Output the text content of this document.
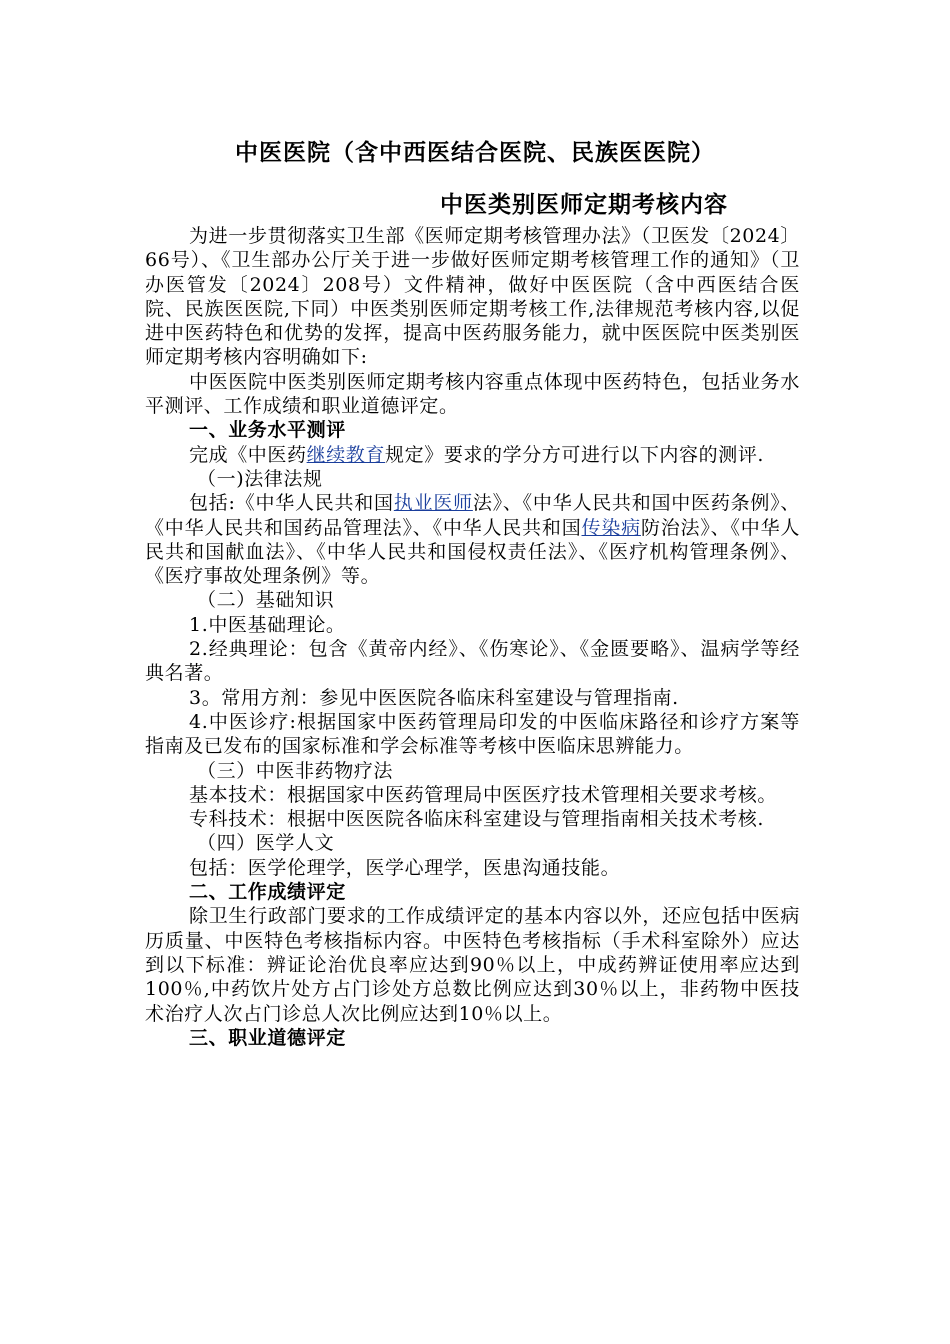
中医医院（含中西医结合医院、民族医医院）
中医类别医师定期考核内容

为进一步贯彻落实卫生部《医师定期考核管理办法》（卫医发〔2024〕66号）、《卫生部办公厅关于进一步做好医师定期考核管理工作的通知》（卫办医管发〔2024〕208号）文件精神，做好中医医院（含中西医结合医院、民族医医院,下同）中医类别医师定期考核工作,法律规范考核内容,以促进中医药特色和优势的发挥，提高中医药服务能力，就中医医院中医类别医师定期考核内容明确如下:

中医医院中医类别医师定期考核内容重点体现中医药特色，包括业务水平测评、工作成绩和职业道德评定。

一、业务水平测评

完成《中医药继续教育规定》要求的学分方可进行以下内容的测评.

（一)法律法规

包括:《中华人民共和国执业医师法》、《中华人民共和国中医药条例》、《中华人民共和国药品管理法》、《中华人民共和国传染病防治法》、《中华人民共和国献血法》、《中华人民共和国侵权责任法》、《医疗机构管理条例》、《医疗事故处理条例》等。

（二）基础知识

1.中医基础理论。

2.经典理论：包含《黄帝内经》、《伤寒论》、《金匮要略》、温病学等经典名著。

3。常用方剂：参见中医医院各临床科室建设与管理指南.

4.中医诊疗:根据国家中医药管理局印发的中医临床路径和诊疗方案等指南及已发布的国家标准和学会标准等考核中医临床思辨能力。

（三）中医非药物疗法

基本技术：根据国家中医药管理局中医医疗技术管理相关要求考核。

专科技术：根据中医医院各临床科室建设与管理指南相关技术考核.

（四）医学人文

包括：医学伦理学，医学心理学，医患沟通技能。

二、工作成绩评定

除卫生行政部门要求的工作成绩评定的基本内容以外，还应包括中医病历质量、中医特色考核指标内容。中医特色考核指标（手术科室除外）应达到以下标准：辨证论治优良率应达到90％以上，中成药辨证使用率应达到100％,中药饮片处方占门诊处方总数比例应达到30％以上，非药物中医技术治疗人次占门诊总人次比例应达到10％以上。

三、职业道德评定
